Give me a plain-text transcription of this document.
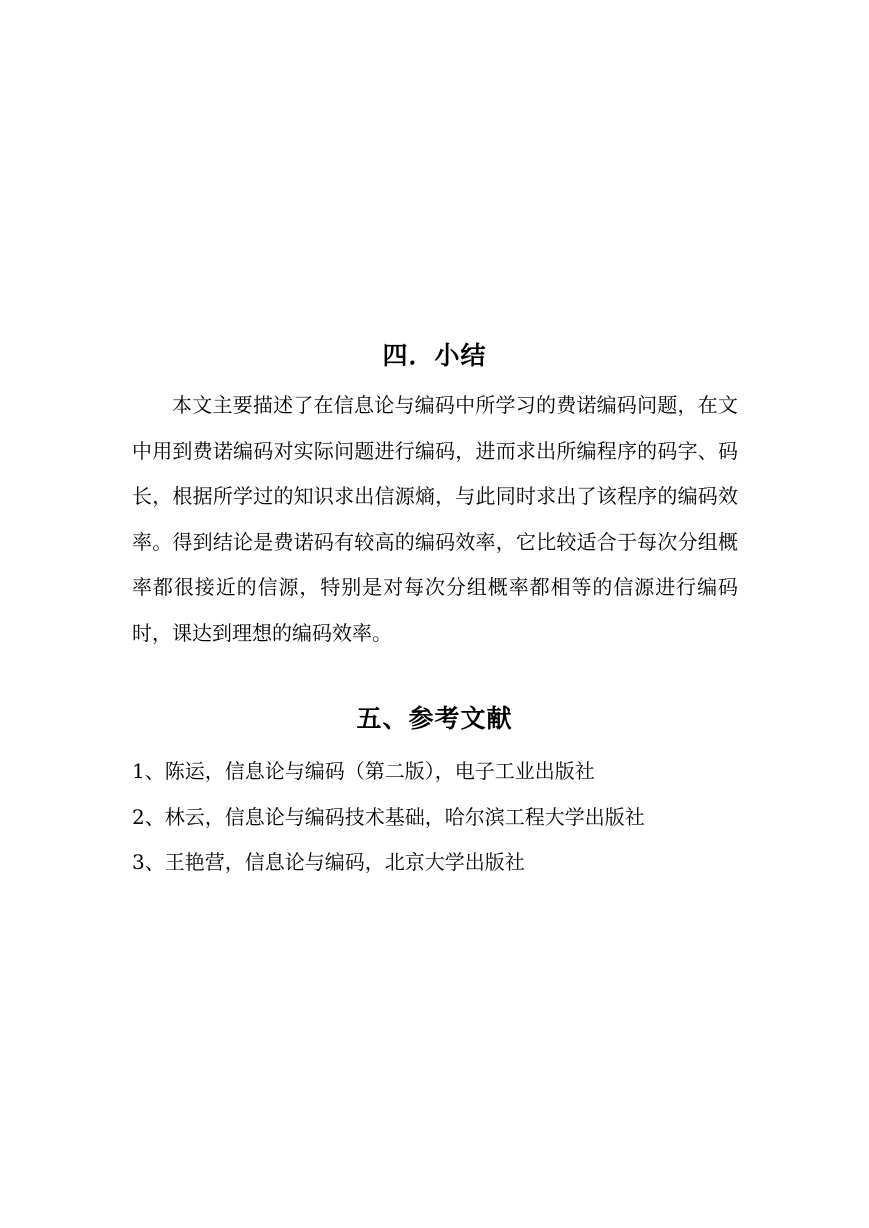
四．小结

本文主要描述了在信息论与编码中所学习的费诺编码问题，在文中用到费诺编码对实际问题进行编码，进而求出所编程序的码字、码长，根据所学过的知识求出信源熵，与此同时求出了该程序的编码效率。得到结论是费诺码有较高的编码效率，它比较适合于每次分组概率都很接近的信源，特别是对每次分组概率都相等的信源进行编码时，课达到理想的编码效率。

五、参考文献
1、陈运，信息论与编码（第二版），电子工业出版社
2、林云，信息论与编码技术基础，哈尔滨工程大学出版社
3、王艳营，信息论与编码，北京大学出版社
